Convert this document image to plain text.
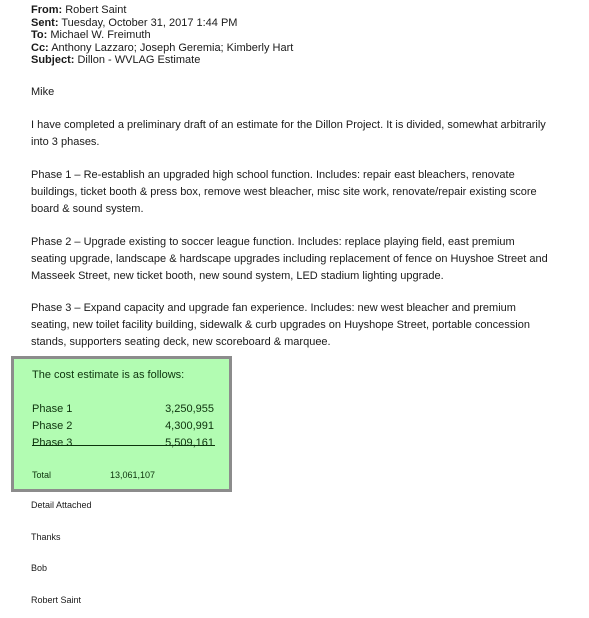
From: Robert Saint
Sent: Tuesday, October 31, 2017 1:44 PM
To: Michael W. Freimuth
Cc: Anthony Lazzaro; Joseph Geremia; Kimberly Hart
Subject: Dillon - WVLAG Estimate
Mike
I have completed a preliminary draft of an estimate for the Dillon Project. It is divided, somewhat arbitrarily into 3 phases.
Phase 1 – Re-establish an upgraded high school function. Includes: repair east bleachers, renovate buildings, ticket booth & press box, remove west bleacher, misc site work, renovate/repair existing score board & sound system.
Phase 2 – Upgrade existing to soccer league function. Includes: replace playing field, east premium seating upgrade, landscape & hardscape upgrades including replacement of fence on Huyshoe Street and Masseek Street, new ticket booth, new sound system, LED stadium lighting upgrade.
Phase 3 – Expand capacity and upgrade fan experience. Includes: new west bleacher and premium seating, new toilet facility building, sidewalk & curb upgrades on Huyshope Street, portable concession stands, supporters seating deck, new scoreboard & marquee.
The cost estimate is as follows:
Phase 1	3,250,955
Phase 2	4,300,991
Phase 3	5,509,161
Total	13,061,107
Detail Attached
Thanks
Bob
Robert Saint
